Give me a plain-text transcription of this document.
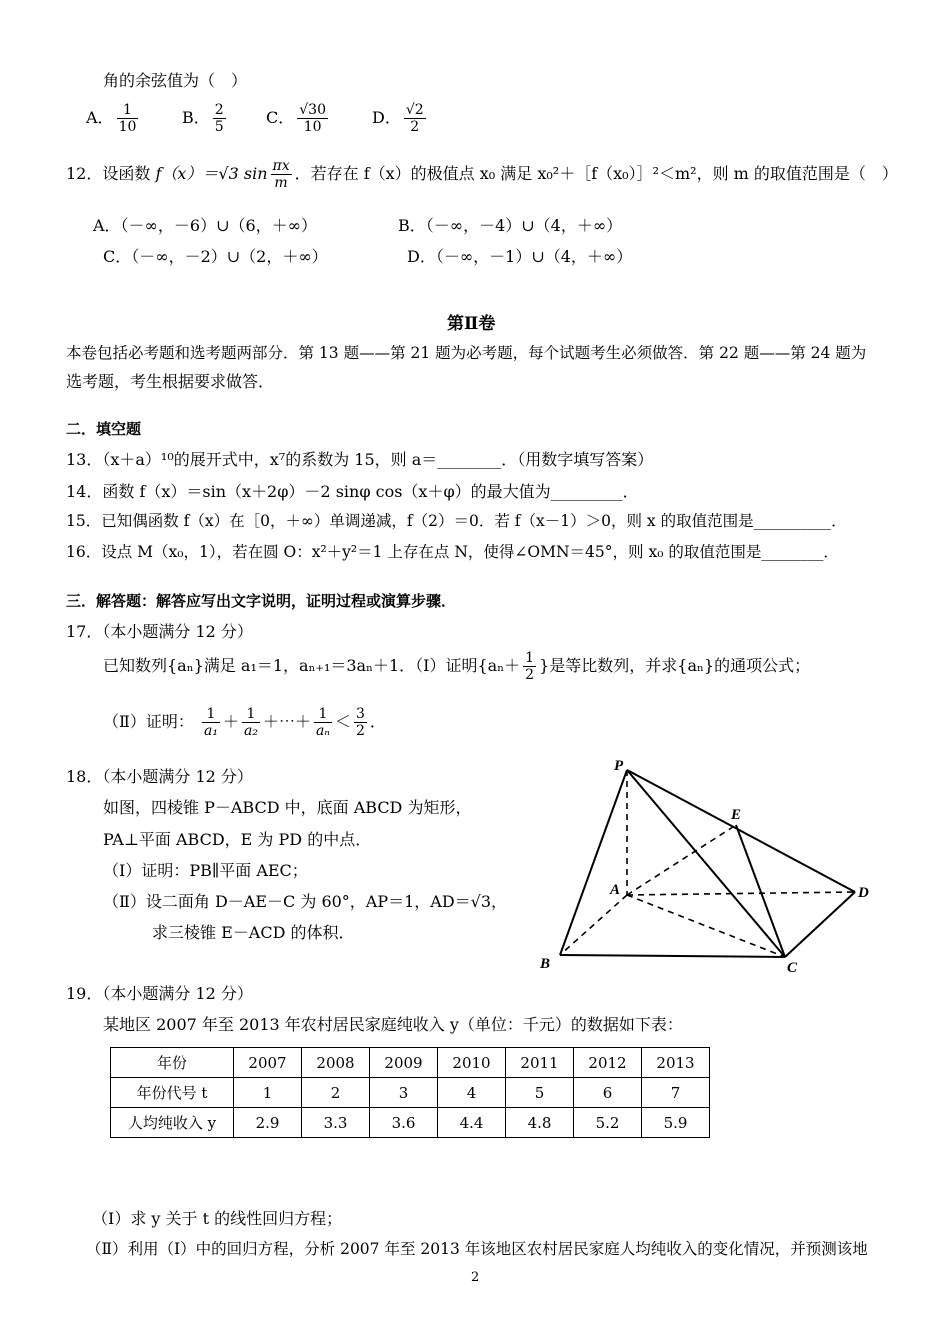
角的余弦值为（　）
A． $\frac{1}{10}$	B． $\frac{2}{5}$	C． $\frac{√30}{10}$	D． $\frac{√2}{2}$
12．设函数 f（x）＝√3 $\sin \frac{\pi x}{m}$ ．若存在 f（x）的极值点 x₀ 满足 x₀²＋［f（x₀）］²＜m²，则 m 的取值范围是（　）
A．（－∞，－6）∪（6，＋∞）	B．（－∞，－4）∪（4，＋∞）
C．（－∞，－2）∪（2，＋∞）	D．（－∞，－1）∪（4，＋∞）
第Ⅱ卷
本卷包括必考题和选考题两部分．第 13 题——第 21 题为必考题，每个试题考生必须做答．第 22 题——第 24 题为
选考题，考生根据要求做答．
二．填空题
13．（x＋a）¹⁰的展开式中，x⁷的系数为 15，则 a＝________．（用数字填写答案）
14．函数 f（x）＝sin（x＋2φ）－2 sinφ cos（x＋φ）的最大值为_________．
15．已知偶函数 f（x）在［0，＋∞）单调递减，f（2）＝0．若 f（x－1）＞0，则 x 的取值范围是__________．
16．设点 M（x₀，1），若在圆 O：x²＋y²＝1 上存在点 N，使得∠OMN＝45°，则 x₀ 的取值范围是________．
三．解答题：解答应写出文字说明，证明过程或演算步骤．
17．（本小题满分 12 分）
已知数列{aₙ}满足 a₁＝1，aₙ₊₁＝3aₙ＋1．（Ⅰ）证明{$a_n+ \frac{1}{2}$ }是等比数列，并求{aₙ}的通项公式；
（Ⅱ）证明： $\frac{1}{\text{a₁}} + \frac{1}{\text{a₂}}$ ＋⋯＋ $\frac{1}{\text{aₙ}} < \frac{3}{2}$ ．
18．（本小题满分 12 分）
如图，四棱锥 P－ABCD 中，底面 ABCD 为矩形，
PA⊥平面 ABCD，E 为 PD 的中点．
（Ⅰ）证明：PB∥平面 AEC；
（Ⅱ）设二面角 D－AE－C 为 60°，AP＝1，AD＝√3，
求三棱锥 E－ACD 的体积．
P
E
A	D
B	C
19．（本小题满分 12 分）
某地区 2007 年至 2013 年农村居民家庭纯收入 y（单位：千元）的数据如下表：
年份	2007	2008	2009	2010	2011	2012	2013
年份代号 t	1	2	3	4	5	6	7
人均纯收入 y	2.9	3.3	3.6	4.4	4.8	5.2	5.9
（Ⅰ）求 y 关于 t 的线性回归方程；
（Ⅱ）利用（Ⅰ）中的回归方程，分析 2007 年至 2013 年该地区农村居民家庭人均纯收入的变化情况，并预测该地
2
